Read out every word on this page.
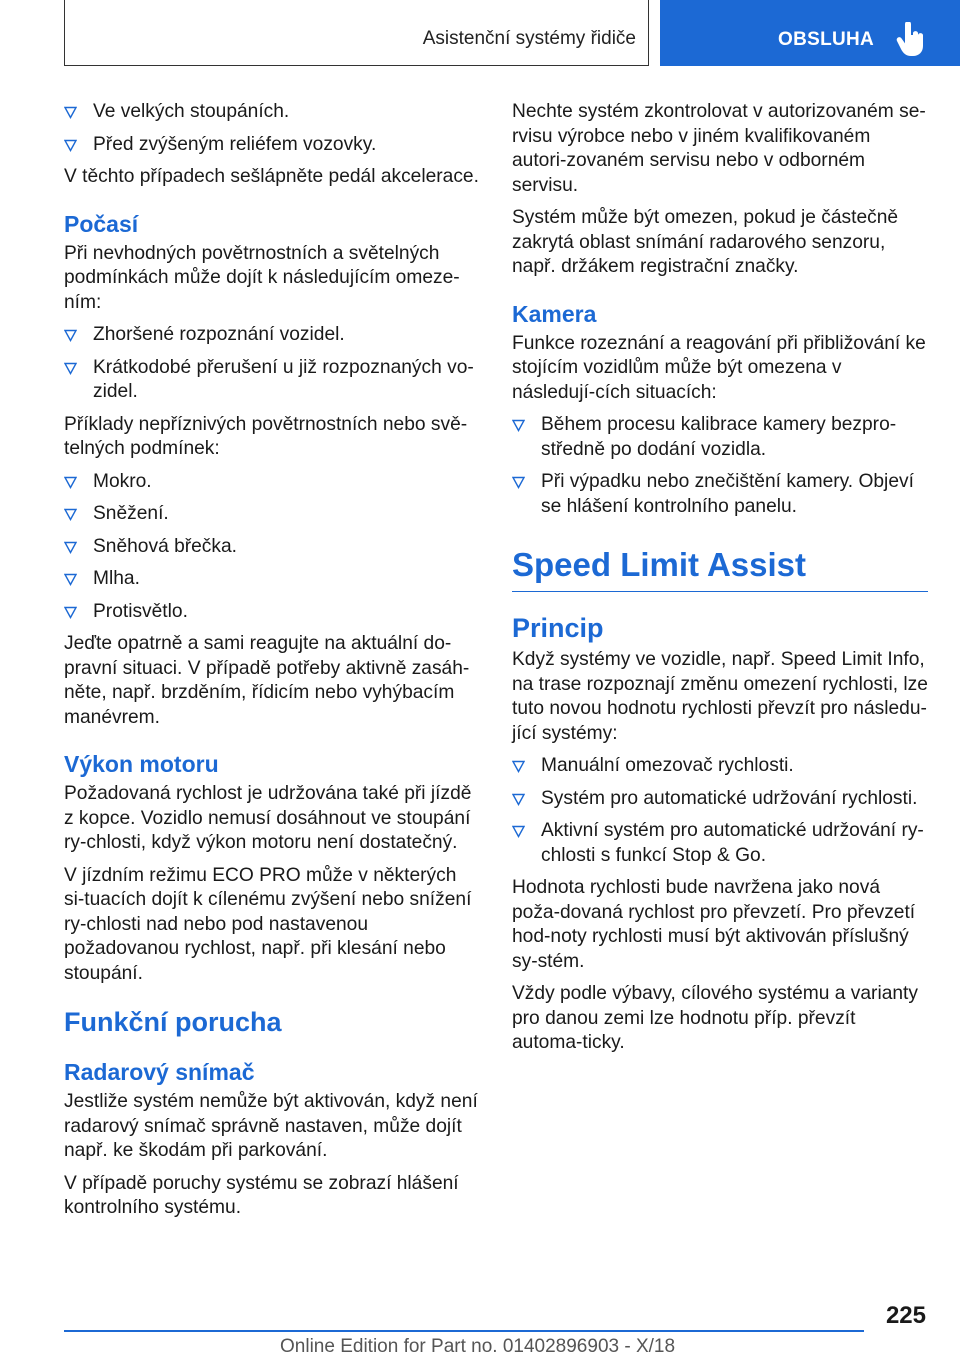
Asistenční systémy řidiče	OBSLUHA
Ve velkých stoupáních.
Před zvýšeným reliéfem vozovky.

V těchto případech sešlápněte pedál akcelerace.

Počasí

Při nevhodných povětrnostních a světelných podmínkách může dojít k následujícím omeze-ním:

Zhoršené rozpoznání vozidel.
Krátkodobé přerušení u již rozpoznaných vo-zidel.

Příklady nepříznivých povětrnostních nebo svě-telných podmínek:

Mokro.
Sněžení.
Sněhová břečka.
Mlha.
Protisvětlo.

Jeďte opatrně a sami reagujte na aktuální do-pravní situaci. V případě potřeby aktivně zasáh-něte, např. brzděním, řídicím nebo vyhýbacím manévrem.

Výkon motoru

Požadovaná rychlost je udržována také při jízdě z kopce. Vozidlo nemusí dosáhnout ve stoupání ry-chlosti, když výkon motoru není dostatečný.

V jízdním režimu ECO PRO může v některých si-tuacích dojít k cílenému zvýšení nebo snížení ry-chlosti nad nebo pod nastavenou požadovanou rychlost, např. při klesání nebo stoupání.

Funkční porucha
Radarový snímač

Jestliže systém nemůže být aktivován, když není radarový snímač správně nastaven, může dojít např. ke škodám při parkování.

V případě poruchy systému se zobrazí hlášení kontrolního systému.

Nechte systém zkontrolovat v autorizovaném se-rvisu výrobce nebo v jiném kvalifikovaném autori-zovaném servisu nebo v odborném servisu.

Systém může být omezen, pokud je částečně zakrytá oblast snímání radarového senzoru, např. držákem registrační značky.

Kamera

Funkce rozeznání a reagování při přibližování ke stojícím vozidlům může být omezena v následují-cích situacích:

Během procesu kalibrace kamery bezpro-středně po dodání vozidla.
Při výpadku nebo znečištění kamery. Objeví se hlášení kontrolního panelu.
Speed Limit Assist
Princip

Když systémy ve vozidle, např. Speed Limit Info, na trase rozpoznají změnu omezení rychlosti, lze tuto novou hodnotu rychlosti převzít pro následu-jící systémy:

Manuální omezovač rychlosti.
Systém pro automatické udržování rychlosti.
Aktivní systém pro automatické udržování ry-chlosti s funkcí Stop & Go.

Hodnota rychlosti bude navržena jako nová poža-dovaná rychlost pro převzetí. Pro převzetí hod-noty rychlosti musí být aktivován příslušný sy-stém.

Vždy podle výbavy, cílového systému a varianty pro danou zemi lze hodnotu příp. převzít automa-ticky.

225
Online Edition for Part no. 01402896903 - X/18
